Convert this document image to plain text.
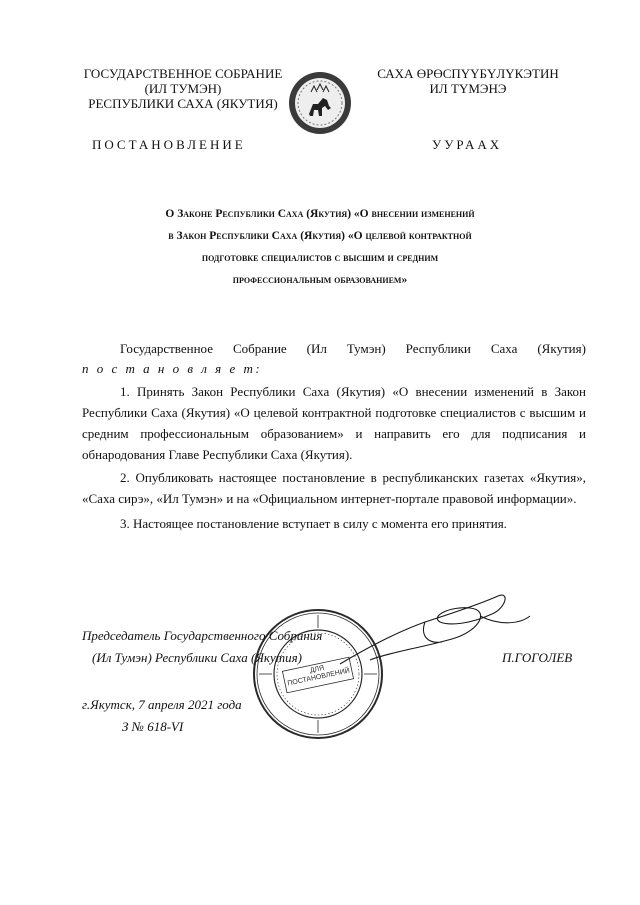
ГОСУДАРСТВЕННОЕ СОБРАНИЕ
(ИЛ ТУМЭН)
РЕСПУБЛИКИ САХА (ЯКУТИЯ)
САХА ӨРӨСПҮҮБҮЛҮКЭТИН
ИЛ ТҮМЭНЭ
ПОСТАНОВЛЕНИЕ	УУРААХ
О Законе Республики Саха (Якутия) «О внесении изменений
в Закон Республики Саха (Якутия) «О целевой контрактной
подготовке специалистов с высшим и средним
профессиональным образованием»
Государственное Собрание (Ил Тумэн) Республики Саха (Якутия)
п о с т а н о в л я е т:
1. Принять Закон Республики Саха (Якутия) «О внесении изменений в Закон Республики Саха (Якутия) «О целевой контрактной подготовке специалистов с высшим и средним профессиональным образованием» и направить его для подписания и обнародования Главе Республики Саха (Якутия).
2. Опубликовать настоящее постановление в республиканских газетах «Якутия», «Саха сирэ», «Ил Тумэн» и на «Официальном интернет-портале правовой информации».
3. Настоящее постановление вступает в силу с момента его принятия.
ДЛЯ ПОСТАНОВЛЕНИЙ
Председатель Государственного Собрания
(Ил Тумэн) Республики Саха (Якутия)	П.ГОГОЛЕВ
г.Якутск, 7 апреля 2021 года
З № 618-VI
